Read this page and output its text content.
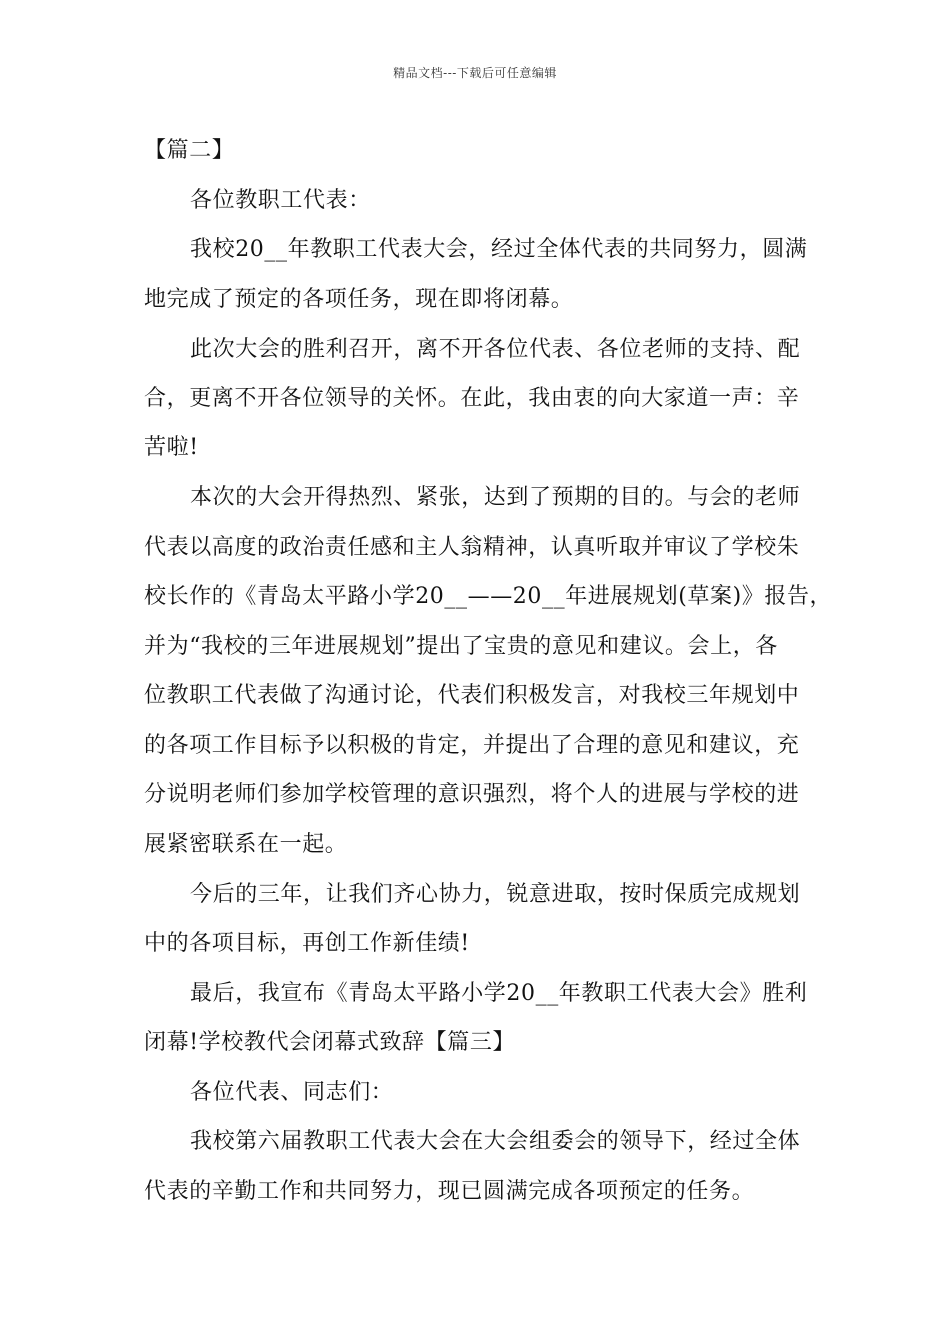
精品文档---下载后可任意编辑
【篇二】
各位教职工代表：
我校20__年教职工代表大会，经过全体代表的共同努力，圆满
地完成了预定的各项任务，现在即将闭幕。
此次大会的胜利召开，离不开各位代表、各位老师的支持、配
合，更离不开各位领导的关怀。在此，我由衷的向大家道一声：辛
苦啦!
本次的大会开得热烈、紧张，达到了预期的目的。与会的老师
代表以高度的政治责任感和主人翁精神，认真听取并审议了学校朱
校长作的《青岛太平路小学20__——20__年进展规划(草案)》报告，
并为“我校的三年进展规划”提出了宝贵的意见和建议。会上，各
位教职工代表做了沟通讨论，代表们积极发言，对我校三年规划中
的各项工作目标予以积极的肯定，并提出了合理的意见和建议，充
分说明老师们参加学校管理的意识强烈，将个人的进展与学校的进
展紧密联系在一起。
今后的三年，让我们齐心协力，锐意进取，按时保质完成规划
中的各项目标，再创工作新佳绩!
最后，我宣布《青岛太平路小学20__年教职工代表大会》胜利
闭幕!学校教代会闭幕式致辞【篇三】
各位代表、同志们：
我校第六届教职工代表大会在大会组委会的领导下，经过全体
代表的辛勤工作和共同努力，现已圆满完成各项预定的任务。
